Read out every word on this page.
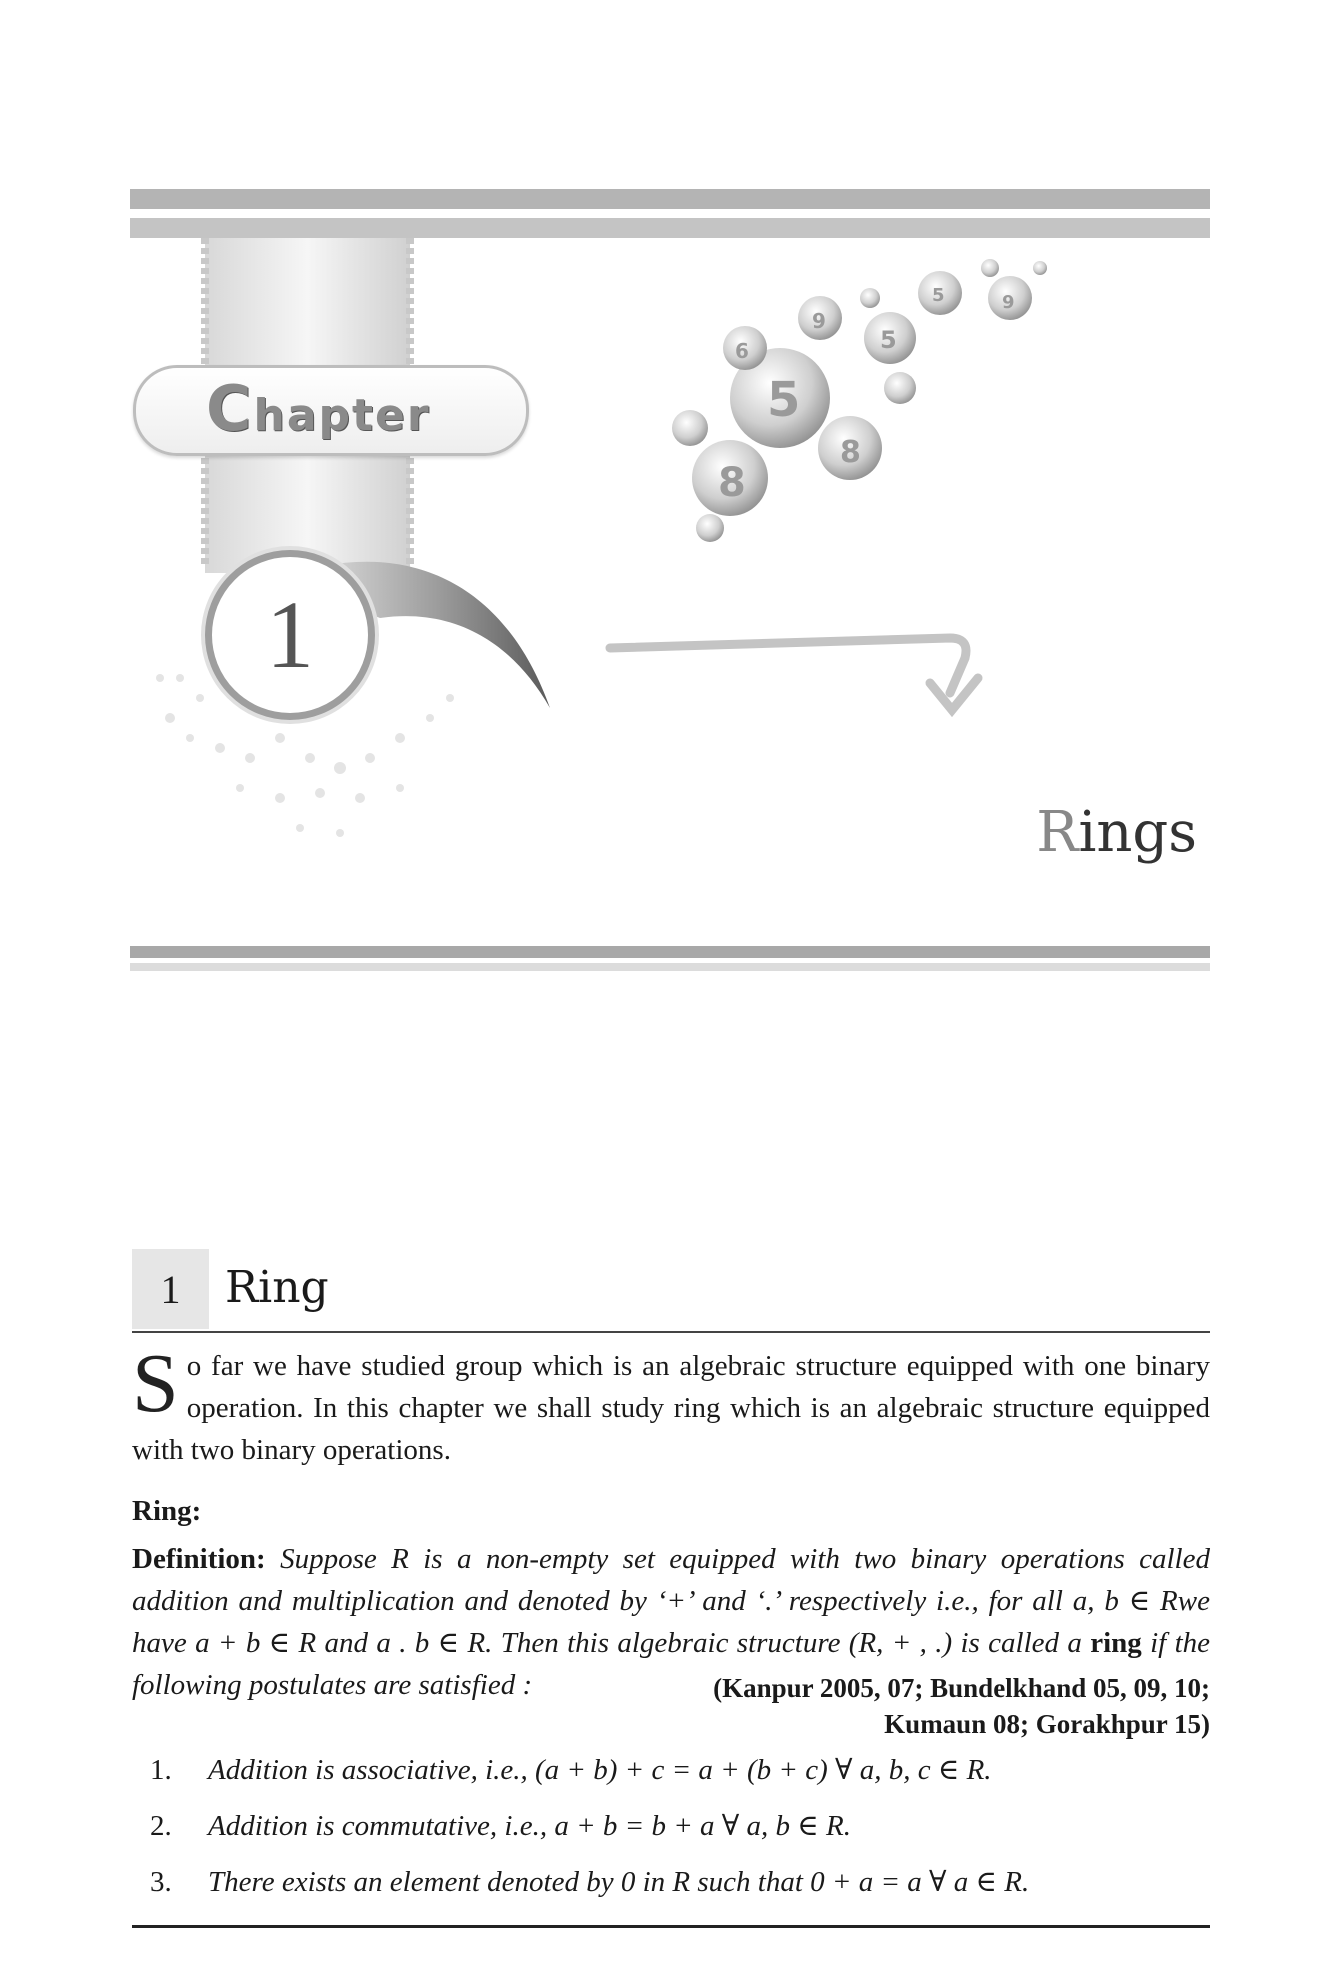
5
8
8
5
9
6
5	9
Chapter
1
Rings
1 Ring
So far we have studied group which is an algebraic structure equipped with one binary operation. In this chapter we shall study ring which is an algebraic structure equipped with two binary operations.
Ring:
Definition: Suppose R is a non-empty set equipped with two binary operations called addition and multiplication and denoted by ‘+’ and ‘.’ respectively i.e., for all a, b ∈ Rwe have a + b ∈ R and a . b ∈ R. Then this algebraic structure (R, + , .) is called a ring if the following postulates are satisfied :	(Kanpur 2005, 07; Bundelkhand 05, 09, 10;
Kumaun 08; Gorakhpur 15)
1. Addition is associative, i.e., (a + b) + c = a + (b + c) ∀ a, b, c ∈ R.
2. Addition is commutative, i.e., a + b = b + a ∀ a, b ∈ R.
3. There exists an element denoted by 0 in R such that 0 + a = a ∀ a ∈ R.
